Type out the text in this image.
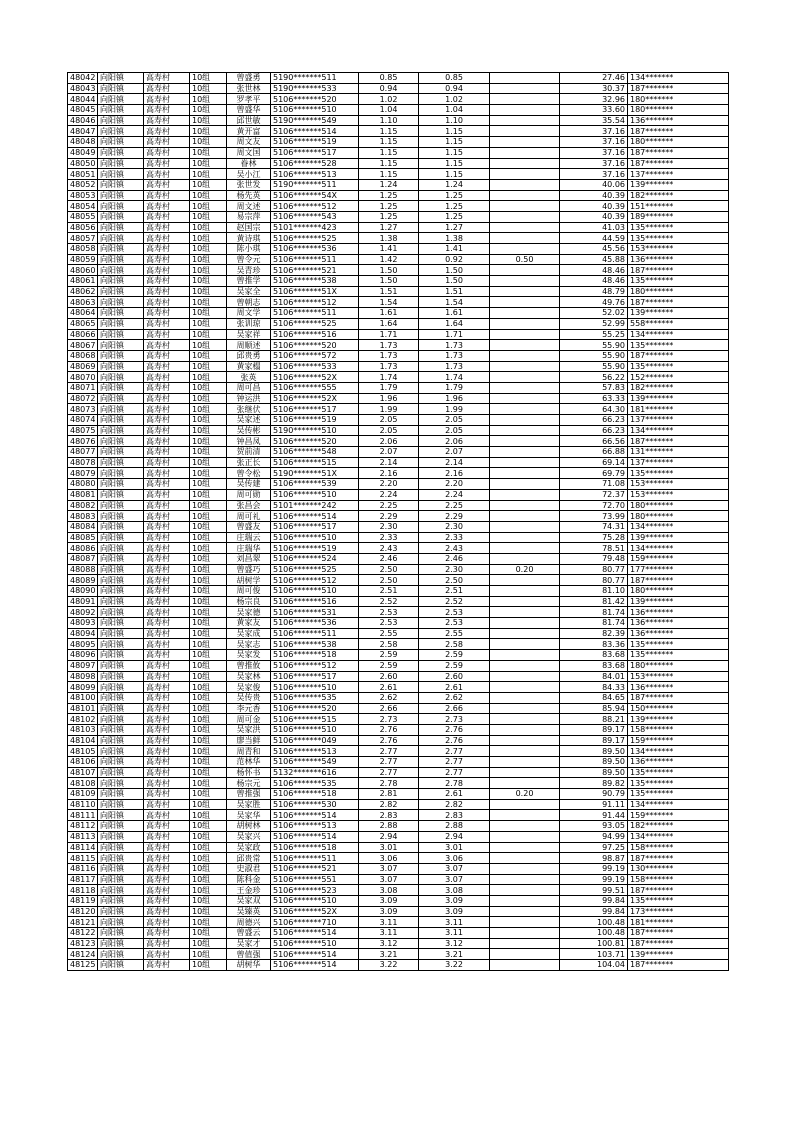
48042	向阳镇	高寿村	10组	曾盛勇	5190*******511	0.85	0.85		27.46	134*******
48043	向阳镇	高寿村	10组	张世林	5190*******533	0.94	0.94		30.37	187*******
48044	向阳镇	高寿村	10组	罗孝平	5106*******520	1.02	1.02		32.96	180*******
48045	向阳镇	高寿村	10组	曾盛华	5106*******510	1.04	1.04		33.60	180*******
48046	向阳镇	高寿村	10组	邱世敏	5190*******549	1.10	1.10		35.54	136*******
48047	向阳镇	高寿村	10组	黄开富	5106*******514	1.15	1.15		37.16	187*******
48048	向阳镇	高寿村	10组	周文友	5106*******519	1.15	1.15		37.16	180*******
48049	向阳镇	高寿村	10组	周文国	5106*******517	1.15	1.15		37.16	187*******
48050	向阳镇	高寿村	10组	眷林	5106*******528	1.15	1.15		37.16	187*******
48051	向阳镇	高寿村	10组	吴小江	5106*******513	1.15	1.15		37.16	137*******
48052	向阳镇	高寿村	10组	张世发	5190*******511	1.24	1.24		40.06	139*******
48053	向阳镇	高寿村	10组	杨先英	5106*******54X	1.25	1.25		40.39	182*******
48054	向阳镇	高寿村	10组	周文述	5106*******512	1.25	1.25		40.39	151*******
48055	向阳镇	高寿村	10组	易宗萍	5106*******543	1.25	1.25		40.39	189*******
48056	向阳镇	高寿村	10组	赵国宗	5101*******423	1.27	1.27		41.03	135*******
48057	向阳镇	高寿村	10组	黄诗琪	5106*******525	1.38	1.38		44.59	135*******
48058	向阳镇	高寿村	10组	陈小琪	5106*******536	1.41	1.41		45.56	153*******
48059	向阳镇	高寿村	10组	曾令元	5106*******511	1.42	0.92	0.50	45.88	136*******
48060	向阳镇	高寿村	10组	吴青珍	5106*******521	1.50	1.50		48.46	187*******
48061	向阳镇	高寿村	10组	曾推学	5106*******538	1.50	1.50		48.46	135*******
48062	向阳镇	高寿村	10组	吴家全	5106*******51X	1.51	1.51		48.79	180*******
48063	向阳镇	高寿村	10组	曾朝志	5106*******512	1.54	1.54		49.76	187*******
48064	向阳镇	高寿村	10组	周文学	5106*******511	1.61	1.61		52.02	139*******
48065	向阳镇	高寿村	10组	张训琼	5106*******525	1.64	1.64		52.99	558*******
48066	向阳镇	高寿村	10组	吴家祥	5106*******516	1.71	1.71		55.25	134*******
48067	向阳镇	高寿村	10组	周顺述	5106*******520	1.73	1.73		55.90	135*******
48068	向阳镇	高寿村	10组	邱贵勇	5106*******572	1.73	1.73		55.90	187*******
48069	向阳镇	高寿村	10组	黄家榻	5106*******533	1.73	1.73		55.90	135*******
48070	向阳镇	高寿村	10组	张英	5106*******52X	1.74	1.74		56.22	152*******
48071	向阳镇	高寿村	10组	周可昌	5106*******555	1.79	1.79		57.83	182*******
48072	向阳镇	高寿村	10组	钟运洪	5106*******52X	1.96	1.96		63.33	139*******
48073	向阳镇	高寿村	10组	张继伏	5106*******517	1.99	1.99		64.30	181*******
48074	向阳镇	高寿村	10组	吴家述	5106*******519	2.05	2.05		66.23	137*******
48075	向阳镇	高寿村	10组	吴传彬	5190*******510	2.05	2.05		66.23	134*******
48076	向阳镇	高寿村	10组	钟昌凤	5106*******520	2.06	2.06		66.56	187*******
48077	向阳镇	高寿村	10组	贺前清	5106*******548	2.07	2.07		66.88	131*******
48078	向阳镇	高寿村	10组	张正长	5106*******515	2.14	2.14		69.14	137*******
48079	向阳镇	高寿村	10组	曾令松	5190*******51X	2.16	2.16		69.79	135*******
48080	向阳镇	高寿村	10组	吴传建	5106*******539	2.20	2.20		71.08	153*******
48081	向阳镇	高寿村	10组	周可勋	5106*******510	2.24	2.24		72.37	153*******
48082	向阳镇	高寿村	10组	张昌会	5101*******242	2.25	2.25		72.70	180*******
48083	向阳镇	高寿村	10组	周可礼	5106*******514	2.29	2.29		73.99	180*******
48084	向阳镇	高寿村	10组	曾盛友	5106*******517	2.30	2.30		74.31	134*******
48085	向阳镇	高寿村	10组	庄瑞云	5106*******510	2.33	2.33		75.28	139*******
48086	向阳镇	高寿村	10组	庄瑞华	5106*******519	2.43	2.43		78.51	134*******
48087	向阳镇	高寿村	10组	刘昌翠	5106*******524	2.46	2.46		79.48	159*******
48088	向阳镇	高寿村	10组	曾盛巧	5106*******525	2.50	2.30	0.20	80.77	177*******
48089	向阳镇	高寿村	10组	胡树学	5106*******512	2.50	2.50		80.77	187*******
48090	向阳镇	高寿村	10组	周可俊	5106*******510	2.51	2.51		81.10	180*******
48091	向阳镇	高寿村	10组	杨宗良	5106*******516	2.52	2.52		81.42	139*******
48092	向阳镇	高寿村	10组	吴家德	5106*******531	2.53	2.53		81.74	136*******
48093	向阳镇	高寿村	10组	黄家友	5106*******536	2.53	2.53		81.74	136*******
48094	向阳镇	高寿村	10组	吴家成	5106*******511	2.55	2.55		82.39	136*******
48095	向阳镇	高寿村	10组	吴家志	5106*******538	2.58	2.58		83.36	135*******
48096	向阳镇	高寿村	10组	吴家发	5106*******518	2.59	2.59		83.68	135*******
48097	向阳镇	高寿村	10组	曾推攸	5106*******512	2.59	2.59		83.68	180*******
48098	向阳镇	高寿村	10组	吴家林	5106*******517	2.60	2.60		84.01	153*******
48099	向阳镇	高寿村	10组	吴家俊	5106*******510	2.61	2.61		84.33	136*******
48100	向阳镇	高寿村	10组	吴传贵	5106*******535	2.62	2.62		84.65	187*******
48101	向阳镇	高寿村	10组	李元香	5106*******520	2.66	2.66		85.94	150*******
48102	向阳镇	高寿村	10组	周可金	5106*******515	2.73	2.73		88.21	139*******
48103	向阳镇	高寿村	10组	吴家洪	5106*******510	2.76	2.76		89.17	158*******
48104	向阳镇	高寿村	10组	廖当鲜	5106*******049	2.76	2.76		89.17	159*******
48105	向阳镇	高寿村	10组	周青和	5106*******513	2.77	2.77		89.50	134*******
48106	向阳镇	高寿村	10组	范林华	5106*******549	2.77	2.77		89.50	136*******
48107	向阳镇	高寿村	10组	杨怀书	5132*******616	2.77	2.77		89.50	135*******
48108	向阳镇	高寿村	10组	杨宗元	5106*******535	2.78	2.78		89.82	135*******
48109	向阳镇	高寿村	10组	曾推强	5106*******518	2.81	2.61	0.20	90.79	135*******
48110	向阳镇	高寿村	10组	吴家胜	5106*******530	2.82	2.82		91.11	134*******
48111	向阳镇	高寿村	10组	吴家华	5106*******514	2.83	2.83		91.44	159*******
48112	向阳镇	高寿村	10组	胡树林	5106*******513	2.88	2.88		93.05	182*******
48113	向阳镇	高寿村	10组	吴家兴	5106*******514	2.94	2.94		94.99	134*******
48114	向阳镇	高寿村	10组	吴家政	5106*******518	3.01	3.01		97.25	158*******
48115	向阳镇	高寿村	10组	邱贵常	5106*******511	3.06	3.06		98.87	187*******
48116	向阳镇	高寿村	10组	史淑君	5106*******521	3.07	3.07		99.19	130*******
48117	向阳镇	高寿村	10组	陈科金	5106*******551	3.07	3.07		99.19	158*******
48118	向阳镇	高寿村	10组	王金珍	5106*******523	3.08	3.08		99.51	187*******
48119	向阳镇	高寿村	10组	吴家双	5106*******510	3.09	3.09		99.84	135*******
48120	向阳镇	高寿村	10组	吴臻英	5106*******52X	3.09	3.09		99.84	173*******
48121	向阳镇	高寿村	10组	周德兴	5106*******710	3.11	3.11		100.48	181*******
48122	向阳镇	高寿村	10组	曾盛云	5106*******514	3.11	3.11		100.48	187*******
48123	向阳镇	高寿村	10组	吴家才	5106*******510	3.12	3.12		100.81	187*******
48124	向阳镇	高寿村	10组	曾值强	5106*******514	3.21	3.21		103.71	139*******
48125	向阳镇	高寿村	10组	胡树华	5106*******514	3.22	3.22		104.04	187*******
